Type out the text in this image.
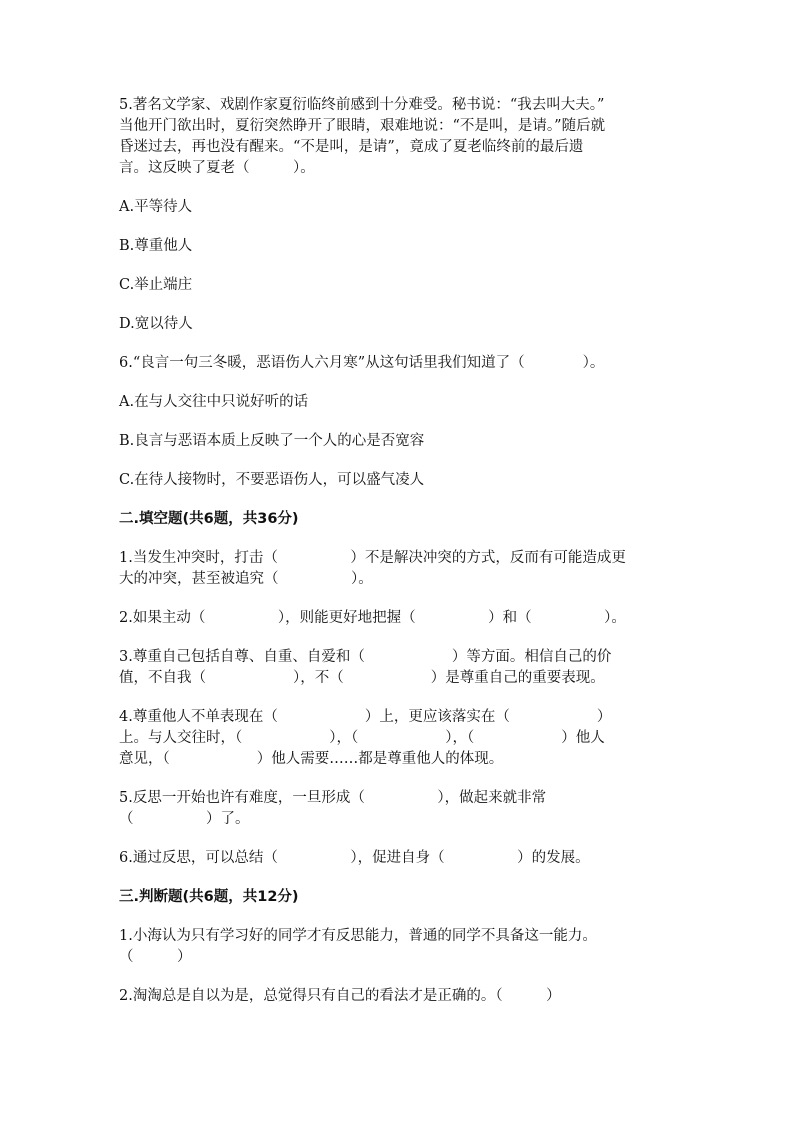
5.著名文学家、戏剧作家夏衍临终前感到十分难受。秘书说：“我去叫大夫。”
当他开门欲出时，夏衍突然睁开了眼睛，艰难地说：“不是叫，是请。”随后就
昏迷过去，再也没有醒来。“不是叫，是请”，竟成了夏老临终前的最后遗
言。这反映了夏老（　　　）。
A.平等待人
B.尊重他人
C.举止端庄
D.宽以待人
6.“良言一句三冬暖，恶语伤人六月寒”从这句话里我们知道了（　　　　）。
A.在与人交往中只说好听的话
B.良言与恶语本质上反映了一个人的心是否宽容
C.在待人接物时，不要恶语伤人，可以盛气凌人
二.填空题(共6题，共36分)
1.当发生冲突时，打击（　　　　　）不是解决冲突的方式，反而有可能造成更
大的冲突，甚至被追究（　　　　　）。
2.如果主动（　　　　　），则能更好地把握（　　　　　）和（　　　　　）。
3.尊重自己包括自尊、自重、自爱和（　　　　　　）等方面。相信自己的价
值，不自我（　　　　　　），不（　　　　　　）是尊重自己的重要表现。
4.尊重他人不单表现在（　　　　　　）上，更应该落实在（　　　　　　）
上。与人交往时，（　　　　　　），（　　　　　　），（　　　　　　）他人
意见，（　　　　　　）他人需要……都是尊重他人的体现。
5.反思一开始也许有难度，一旦形成（　　　　　），做起来就非常
（　　　　　）了。
6.通过反思，可以总结（　　　　　），促进自身（　　　　　）的发展。
三.判断题(共6题，共12分)
1.小海认为只有学习好的同学才有反思能力，普通的同学不具备这一能力。
（　　　）
2.淘淘总是自以为是，总觉得只有自己的看法才是正确的。（　　　）
